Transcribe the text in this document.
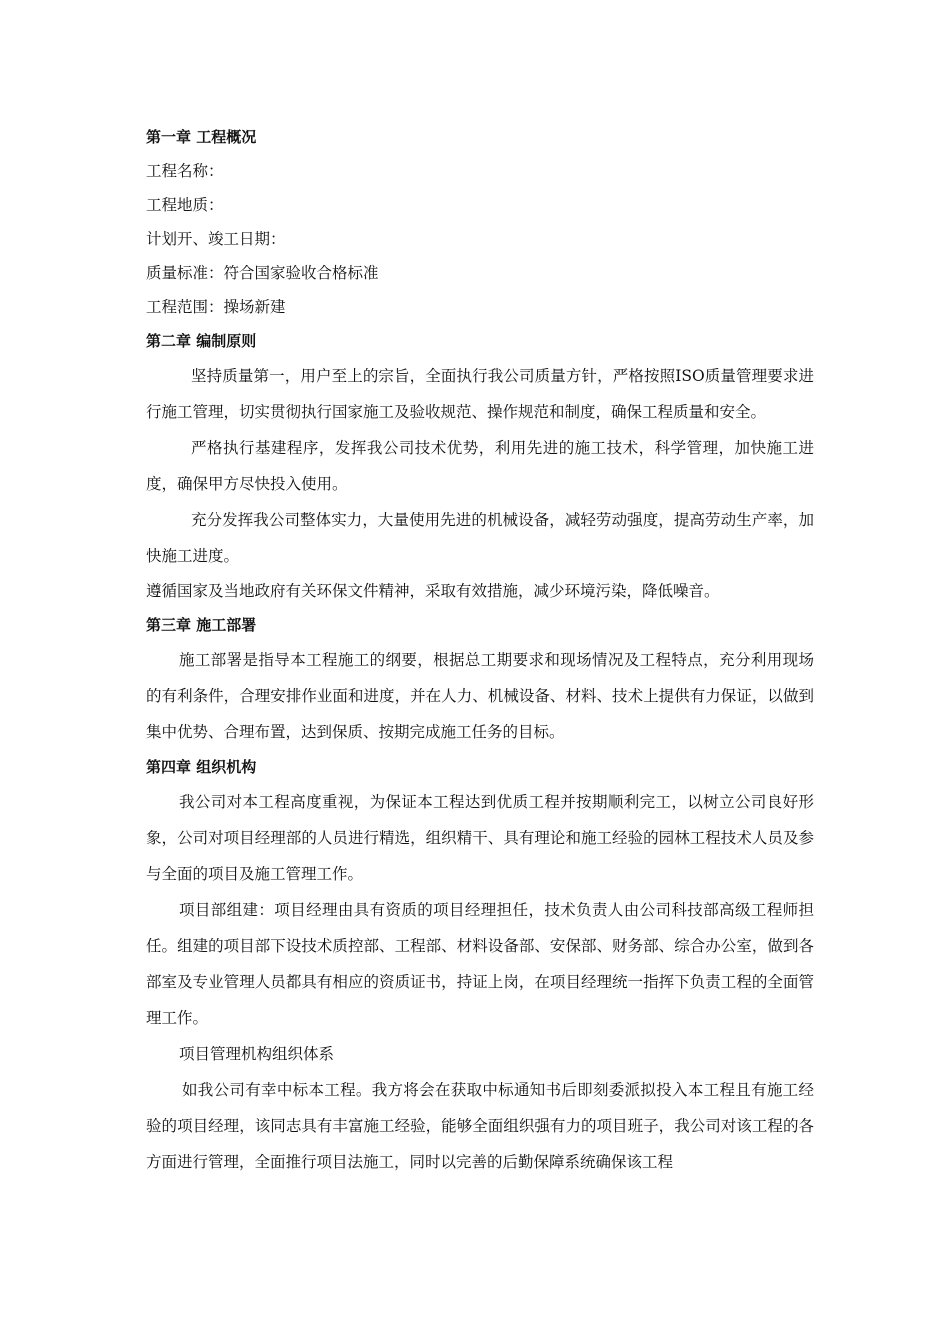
第一章 工程概况
工程名称：
工程地质：
计划开、竣工日期：
质量标准：符合国家验收合格标准
工程范围：操场新建
第二章 编制原则

坚持质量第一，用户至上的宗旨，全面执行我公司质量方针，严格按照ISO质量管理要求进行施工管理，切实贯彻执行国家施工及验收规范、操作规范和制度，确保工程质量和安全。

严格执行基建程序，发挥我公司技术优势，利用先进的施工技术，科学管理，加快施工进度，确保甲方尽快投入使用。

充分发挥我公司整体实力，大量使用先进的机械设备，减轻劳动强度，提高劳动生产率，加快施工进度。

遵循国家及当地政府有关环保文件精神，采取有效措施，减少环境污染，降低噪音。

第三章 施工部署

施工部署是指导本工程施工的纲要，根据总工期要求和现场情况及工程特点，充分利用现场的有利条件，合理安排作业面和进度，并在人力、机械设备、材料、技术上提供有力保证，以做到集中优势、合理布置，达到保质、按期完成施工任务的目标。

第四章 组织机构

我公司对本工程高度重视，为保证本工程达到优质工程并按期顺利完工，以树立公司良好形象，公司对项目经理部的人员进行精选，组织精干、具有理论和施工经验的园林工程技术人员及参与全面的项目及施工管理工作。

项目部组建：项目经理由具有资质的项目经理担任，技术负责人由公司科技部高级工程师担任。组建的项目部下设技术质控部、工程部、材料设备部、安保部、财务部、综合办公室，做到各部室及专业管理人员都具有相应的资质证书，持证上岗，在项目经理统一指挥下负责工程的全面管理工作。

项目管理机构组织体系

如我公司有幸中标本工程。我方将会在获取中标通知书后即刻委派拟投入本工程且有施工经验的项目经理，该同志具有丰富施工经验，能够全面组织强有力的项目班子，我公司对该工程的各方面进行管理，全面推行项目法施工，同时以完善的后勤保障系统确保该工程
